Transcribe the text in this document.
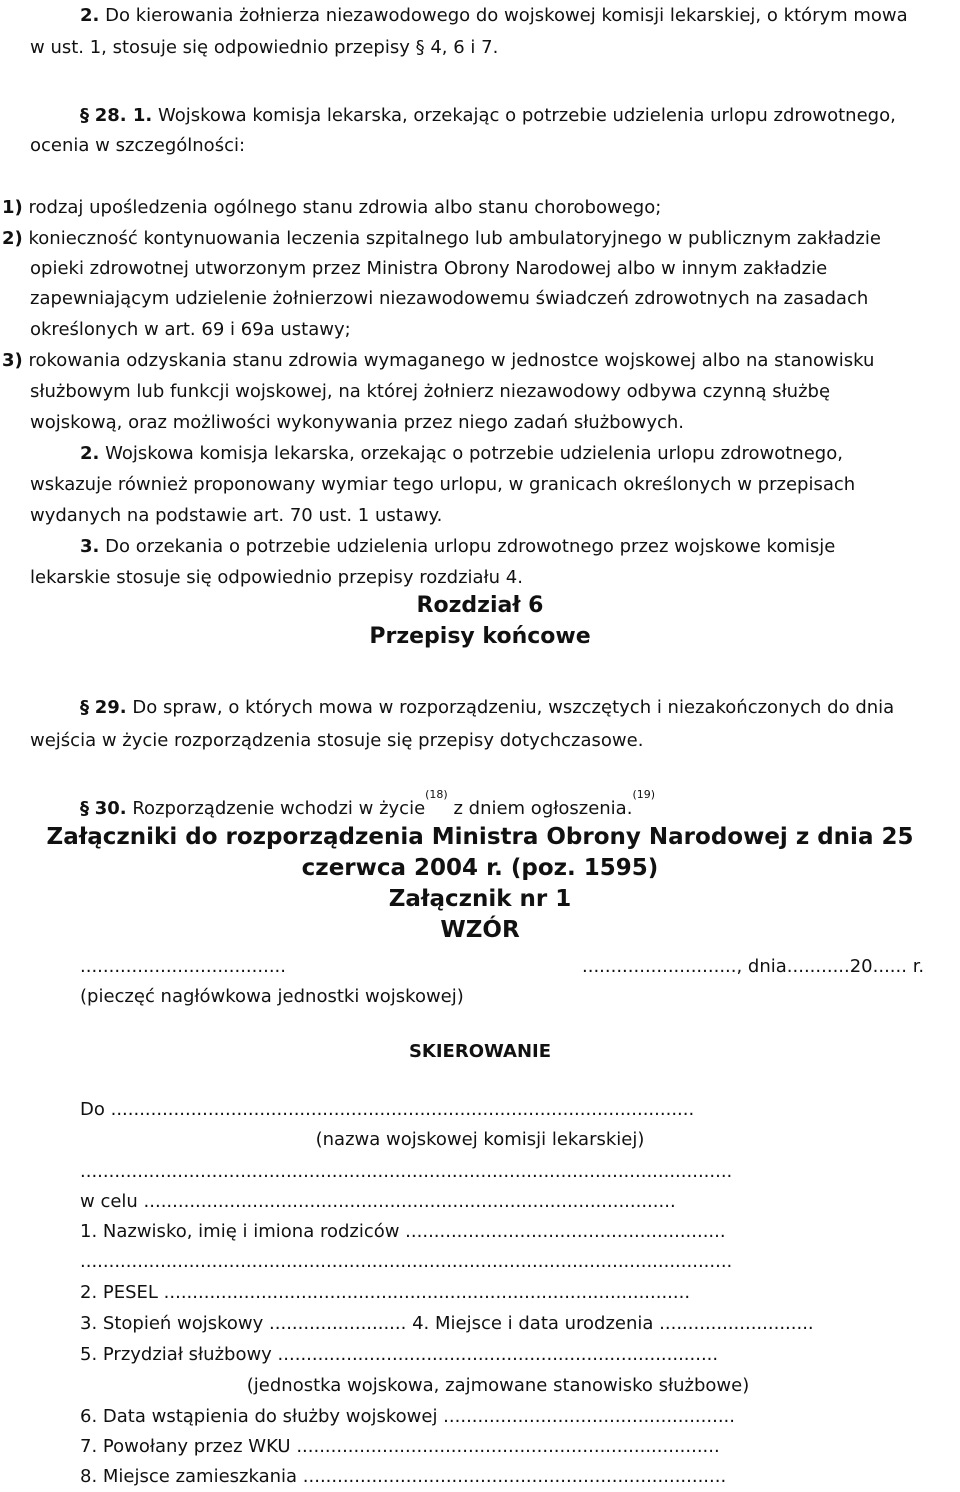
2. Do kierowania żołnierza niezawodowego do wojskowej komisji lekarskiej, o którym mowa
w ust. 1, stosuje się odpowiednio przepisy § 4, 6 i 7.
§ 28. 1. Wojskowa komisja lekarska, orzekając o potrzebie udzielenia urlopu zdrowotnego,
ocenia w szczególności:
1) rodzaj upośledzenia ogólnego stanu zdrowia albo stanu chorobowego;
2) konieczność kontynuowania leczenia szpitalnego lub ambulatoryjnego w publicznym zakładzie
opieki zdrowotnej utworzonym przez Ministra Obrony Narodowej albo w innym zakładzie
zapewniającym udzielenie żołnierzowi niezawodowemu świadczeń zdrowotnych na zasadach
określonych w art. 69 i 69a ustawy;
3) rokowania odzyskania stanu zdrowia wymaganego w jednostce wojskowej albo na stanowisku
służbowym lub funkcji wojskowej, na której żołnierz niezawodowy odbywa czynną służbę
wojskową, oraz możliwości wykonywania przez niego zadań służbowych.
2. Wojskowa komisja lekarska, orzekając o potrzebie udzielenia urlopu zdrowotnego,
wskazuje również proponowany wymiar tego urlopu, w granicach określonych w przepisach
wydanych na podstawie art. 70 ust. 1 ustawy.
3. Do orzekania o potrzebie udzielenia urlopu zdrowotnego przez wojskowe komisje
lekarskie stosuje się odpowiednio przepisy rozdziału 4.
Rozdział 6
Przepisy końcowe
§ 29. Do spraw, o których mowa w rozporządzeniu, wszczętych i niezakończonych do dnia
wejścia w życie rozporządzenia stosuje się przepisy dotychczasowe.
§ 30. Rozporządzenie wchodzi w życie$^{(18)}$ z dniem ogłoszenia.$^{(19)}$
Załączniki do rozporządzenia Ministra Obrony Narodowej z dnia 25
czerwca 2004 r. (poz. 1595)
Załącznik nr 1
WZÓR
....................................	..........................., dnia...........20...... r.
(pieczęć nagłówkowa jednostki wojskowej)
SKIEROWANIE
Do ......................................................................................................
(nazwa wojskowej komisji lekarskiej)
..................................................................................................................
w celu .............................................................................................
1. Nazwisko, imię i imiona rodziców ........................................................
..................................................................................................................
2. PESEL ............................................................................................
3. Stopień wojskowy ........................ 4. Miejsce i data urodzenia ...........................
5. Przydział służbowy .............................................................................
(jednostka wojskowa, zajmowane stanowisko służbowe)
6. Data wstąpienia do służby wojskowej ...................................................
7. Powołany przez WKU ..........................................................................
8. Miejsce zamieszkania ..........................................................................
